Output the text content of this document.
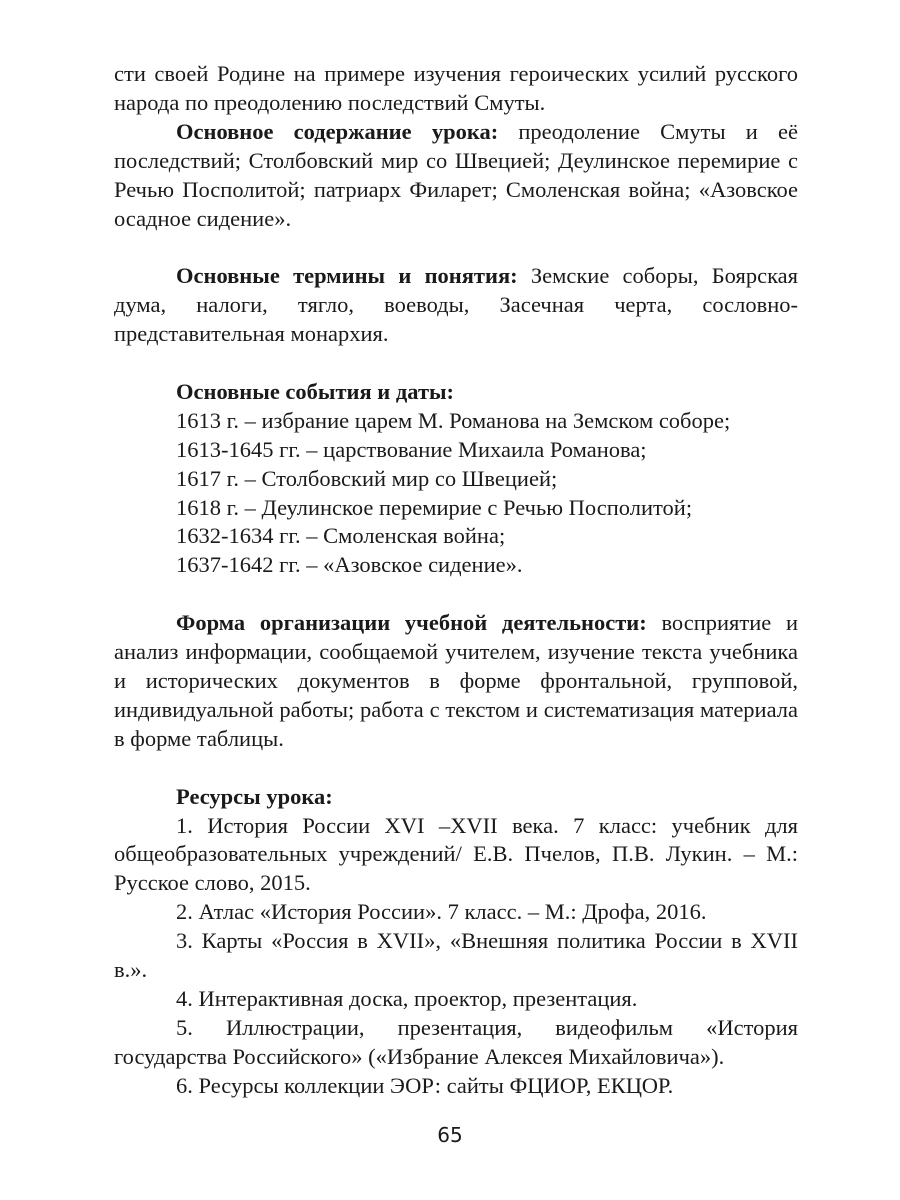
сти своей Родине на примере изучения героических усилий русского народа по преодолению последствий Смуты.

Основное содержание урока: преодоление Смуты и её последствий; Столбовский мир со Швецией; Деулинское перемирие с Речью Посполитой; патриарх Филарет; Смоленская война; «Азовское осадное сидение».

Основные термины и понятия: Земские соборы, Боярская дума, налоги, тягло, воеводы, Засечная черта, сословно-представительная монархия.

Основные события и даты:

1613 г. – избрание царем М. Романова на Земском соборе;

1613-1645 гг. – царствование Михаила Романова;

1617 г. – Столбовский мир со Швецией;

1618 г. – Деулинское перемирие с Речью Посполитой;

1632-1634 гг. – Смоленская война;

1637-1642 гг. – «Азовское сидение».

Форма организации учебной деятельности: восприятие и анализ информации, сообщаемой учителем, изучение текста учебника и исторических документов в форме фронтальной, групповой, индивидуальной работы; работа с текстом и систематизация материала в форме таблицы.

Ресурсы урока:

1. История России XVI –XVII века. 7 класс: учебник для общеобразовательных учреждений/ Е.В. Пчелов, П.В. Лукин. – М.: Русское слово, 2015.

2. Атлас «История России». 7 класс. – М.: Дрофа, 2016.

3. Карты «Россия в XVII», «Внешняя политика России в XVII в.».

4. Интерактивная доска, проектор, презентация.

5. Иллюстрации, презентация, видеофильм «История государства Российского» («Избрание Алексея Михайловича»).

6. Ресурсы коллекции ЭОР: сайты ФЦИОР, ЕКЦОР.

65
